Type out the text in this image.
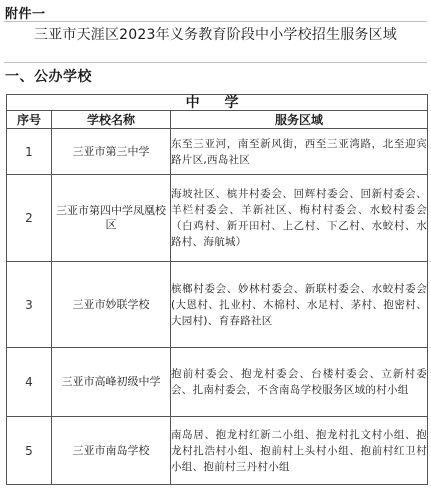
附件一
三亚市天涯区2023年义务教育阶段中小学校招生服务区域
一、公办学校
中 学		
序号	学校名称	服务区域
1	三亚市第三中学	东至三亚河，南至新风街，西至三亚湾路，北至迎宾路片区,西岛社区
2	三亚市第四中学凤凰校区	海坡社区、槟井村委会、回辉村委会、回新村委会、羊栏村委会、羊新社区、梅村村委会、水蛟村委会（白鸡村、新开田村、上乙村、下乙村、水蛟村、水路村、海航城）
3	三亚市妙联学校	槟榔村委会、妙林村委会、新联村委会、水蛟村委会(大恩村、扎业村、木棉村、水足村、茅村、抱密村、大园村)、育春路社区
4	三亚市高峰初级中学	抱前村委会、抱龙村委会、台楼村委会、立新村委会、扎南村委会，不含南岛学校服务区域的村小组
5	三亚市南岛学校	南岛居、抱龙村红新二小组、抱龙村扎文村小组、抱龙村扎浩村小组、抱前村上头村小组、抱前村红卫村小组、抱前村三丹村小组
